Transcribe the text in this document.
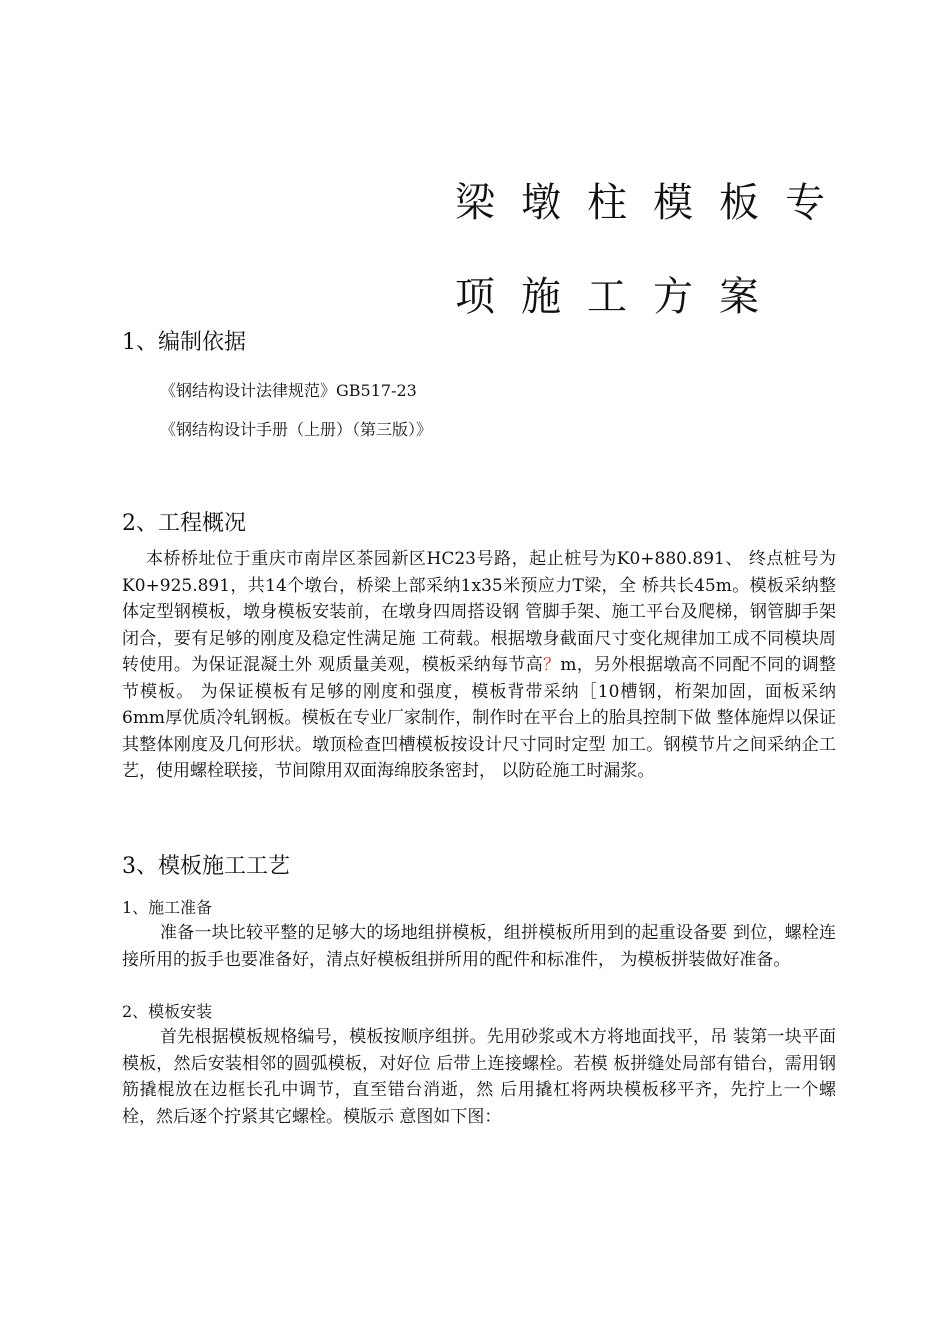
梁墩柱模板专
项施工方案
1、编制依据
《钢结构设计法律规范》GB517-23
《钢结构设计手册（上册）（第三版）》
2、工程概况
本桥桥址位于重庆市南岸区茶园新区HC23号路，起止桩号为K0+880.891、 终点桩号为K0+925.891，共14个墩台，桥梁上部采纳1x35米预应力T梁，全 桥共长45m。模板采纳整体定型钢模板，墩身模板安装前，在墩身四周搭设钢 管脚手架、施工平台及爬梯，钢管脚手架闭合，要有足够的刚度及稳定性满足施 工荷载。根据墩身截面尺寸变化规律加工成不同模块周转使用。为保证混凝土外 观质量美观，模板采纳每节高？m，另外根据墩高不同配不同的调整节模板。 为保证模板有足够的刚度和强度，模板背带采纳［10槽钢，桁架加固，面板采纳 6mm厚优质冷轧钢板。模板在专业厂家制作，制作时在平台上的胎具控制下做 整体施焊以保证其整体刚度及几何形状。墩顶检查凹槽模板按设计尺寸同时定型 加工。钢模节片之间采纳企工艺，使用螺栓联接，节间隙用双面海绵胶条密封， 以防砼施工时漏浆。
3、模板施工工艺
1、施工准备
准备一块比较平整的足够大的场地组拼模板，组拼模板所用到的起重设备要 到位，螺栓连接所用的扳手也要准备好，清点好模板组拼所用的配件和标准件， 为模板拼装做好准备。
2、模板安装
首先根据模板规格编号，模板按顺序组拼。先用砂浆或木方将地面找平，吊 装第一块平面模板，然后安装相邻的圆弧模板，对好位 后带上连接螺栓。若模 板拼缝处局部有错台，需用钢筋撬棍放在边框长孔中调节，直至错台消逝，然 后用撬杠将两块模板移平齐，先拧上一个螺栓，然后逐个拧紧其它螺栓。模版示 意图如下图：
